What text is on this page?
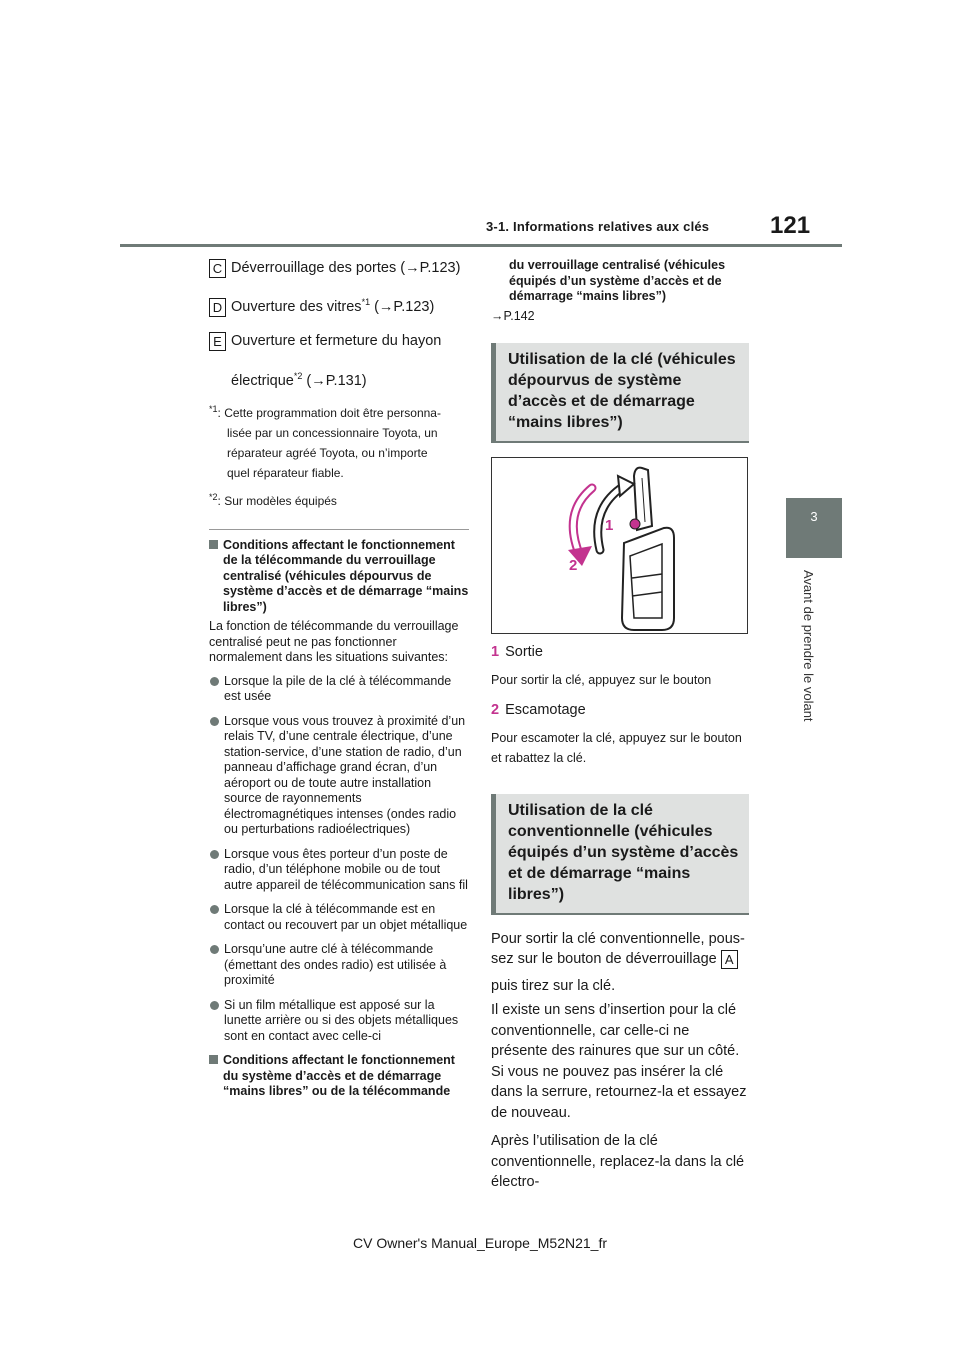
3-1. Informations relatives aux clés	121
3
Avant de prendre le volant
C Déverrouillage des portes (→P.123)
D Ouverture des vitres$^{*1}$ (→P.123)
E Ouverture et fermeture du hayon
électrique$^{*2}$ (→P.131)

$^{*1}$: Cette programmation doit être personna-

lisée par un concessionnaire Toyota, un

réparateur agréé Toyota, ou n’importe

quel réparateur fiable.

$^{*2}$: Sur modèles équipés

Conditions affectant le fonctionnement de la télécommande du verrouillage centralisé (véhicules dépourvus de système d’accès et de démarrage “mains libres”)

La fonction de télécommande du verrouillage centralisé peut ne pas fonctionner normalement dans les situations suivantes:

Lorsque la pile de la clé à télécommande est usée

Lorsque vous vous trouvez à proximité d’un relais TV, d’une centrale électrique, d’une station-service, d’une station de radio, d’un panneau d’affichage grand écran, d’un aéroport ou de toute autre installation source de rayonnements électromagnétiques intenses (ondes radio ou perturbations radioélectriques)

Lorsque vous êtes porteur d’un poste de radio, d’un téléphone mobile ou de tout autre appareil de télécommunication sans fil

Lorsque la clé à télécommande est en contact ou recouvert par un objet métallique

Lorsqu’une autre clé à télécommande (émettant des ondes radio) est utilisée à proximité

Si un film métallique est apposé sur la lunette arrière ou si des objets métalliques sont en contact avec celle-ci

Conditions affectant le fonctionnement du système d’accès et de démarrage “mains libres” ou de la télécommande

du verrouillage centralisé (véhicules équipés d’un système d’accès et de démarrage “mains libres”)

→P.142

Utilisation de la clé (véhicules dépourvus de système d’accès et de démarrage “mains libres”)
1
2

1 Sortie

Pour sortir la clé, appuyez sur le bouton

2 Escamotage

Pour escamoter la clé, appuyez sur le bouton et rabattez la clé.

Utilisation de la clé conventionnelle (véhicules équipés d’un système d’accès et de démarrage “mains libres”)

Pour sortir la clé conventionnelle, pous-sez sur le bouton de déverrouillage A

puis tirez sur la clé.

Il existe un sens d’insertion pour la clé conventionnelle, car celle-ci ne présente des rainures que sur un côté. Si vous ne pouvez pas insérer la clé dans la serrure, retournez-la et essayez de nouveau.

Après l’utilisation de la clé conventionnelle, replacez-la dans la clé électro-

CV Owner's Manual_Europe_M52N21_fr
